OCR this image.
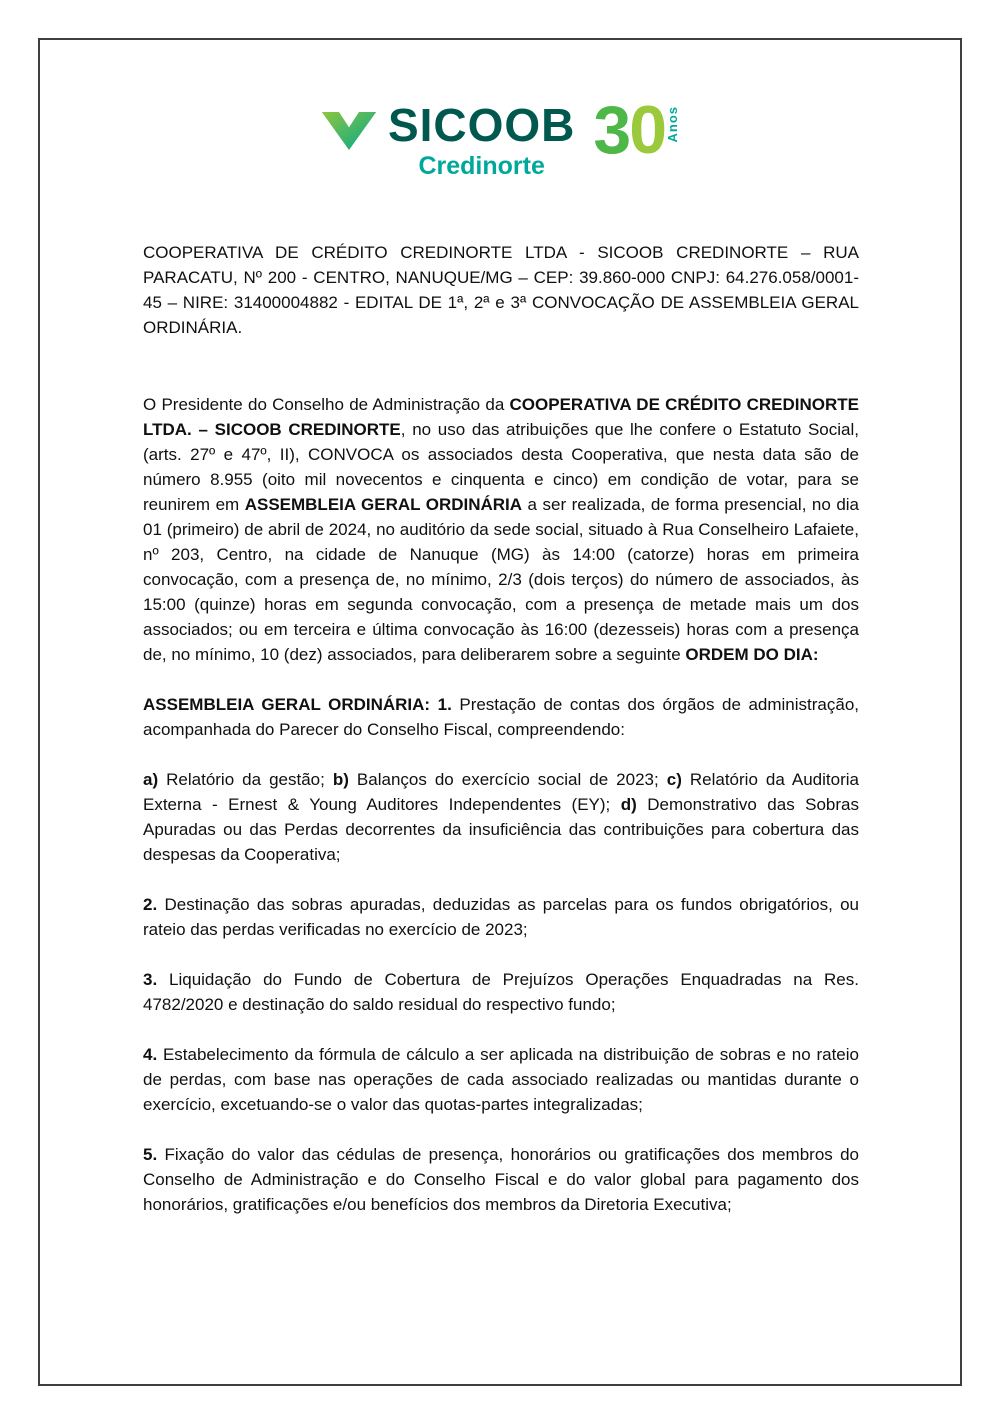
SICOOB
Credinorte 3 0 Anos

COOPERATIVA DE CRÉDITO CREDINORTE LTDA - SICOOB CREDINORTE – RUA PARACATU, Nº 200 - CENTRO, NANUQUE/MG – CEP: 39.860-000 CNPJ: 64.276.058/0001-45 – NIRE: 31400004882 - EDITAL DE 1ª, 2ª e 3ª CONVOCAÇÃO DE ASSEMBLEIA GERAL ORDINÁRIA.

O Presidente do Conselho de Administração da COOPERATIVA DE CRÉDITO CREDINORTE LTDA. – SICOOB CREDINORTE, no uso das atribuições que lhe confere o Estatuto Social, (arts. 27º e 47º, II), CONVOCA os associados desta Cooperativa, que nesta data são de número 8.955 (oito mil novecentos e cinquenta e cinco) em condição de votar, para se reunirem em ASSEMBLEIA GERAL ORDINÁRIA a ser realizada, de forma presencial, no dia 01 (primeiro) de abril de 2024, no auditório da sede social, situado à Rua Conselheiro Lafaiete, nº 203, Centro, na cidade de Nanuque (MG) às 14:00 (catorze) horas em primeira convocação, com a presença de, no mínimo, 2/3 (dois terços) do número de associados, às 15:00 (quinze) horas em segunda convocação, com a presença de metade mais um dos associados; ou em terceira e última convocação às 16:00 (dezesseis) horas com a presença de, no mínimo, 10 (dez) associados, para deliberarem sobre a seguinte ORDEM DO DIA:

ASSEMBLEIA GERAL ORDINÁRIA: 1. Prestação de contas dos órgãos de administração, acompanhada do Parecer do Conselho Fiscal, compreendendo:

a) Relatório da gestão; b) Balanços do exercício social de 2023; c) Relatório da Auditoria Externa - Ernest & Young Auditores Independentes (EY); d) Demonstrativo das Sobras Apuradas ou das Perdas decorrentes da insuficiência das contribuições para cobertura das despesas da Cooperativa;

2. Destinação das sobras apuradas, deduzidas as parcelas para os fundos obrigatórios, ou rateio das perdas verificadas no exercício de 2023;

3. Liquidação do Fundo de Cobertura de Prejuízos Operações Enquadradas na Res. 4782/2020 e destinação do saldo residual do respectivo fundo;

4. Estabelecimento da fórmula de cálculo a ser aplicada na distribuição de sobras e no rateio de perdas, com base nas operações de cada associado realizadas ou mantidas durante o exercício, excetuando-se o valor das quotas-partes integralizadas;

5. Fixação do valor das cédulas de presença, honorários ou gratificações dos membros do Conselho de Administração e do Conselho Fiscal e do valor global para pagamento dos honorários, gratificações e/ou benefícios dos membros da Diretoria Executiva;
